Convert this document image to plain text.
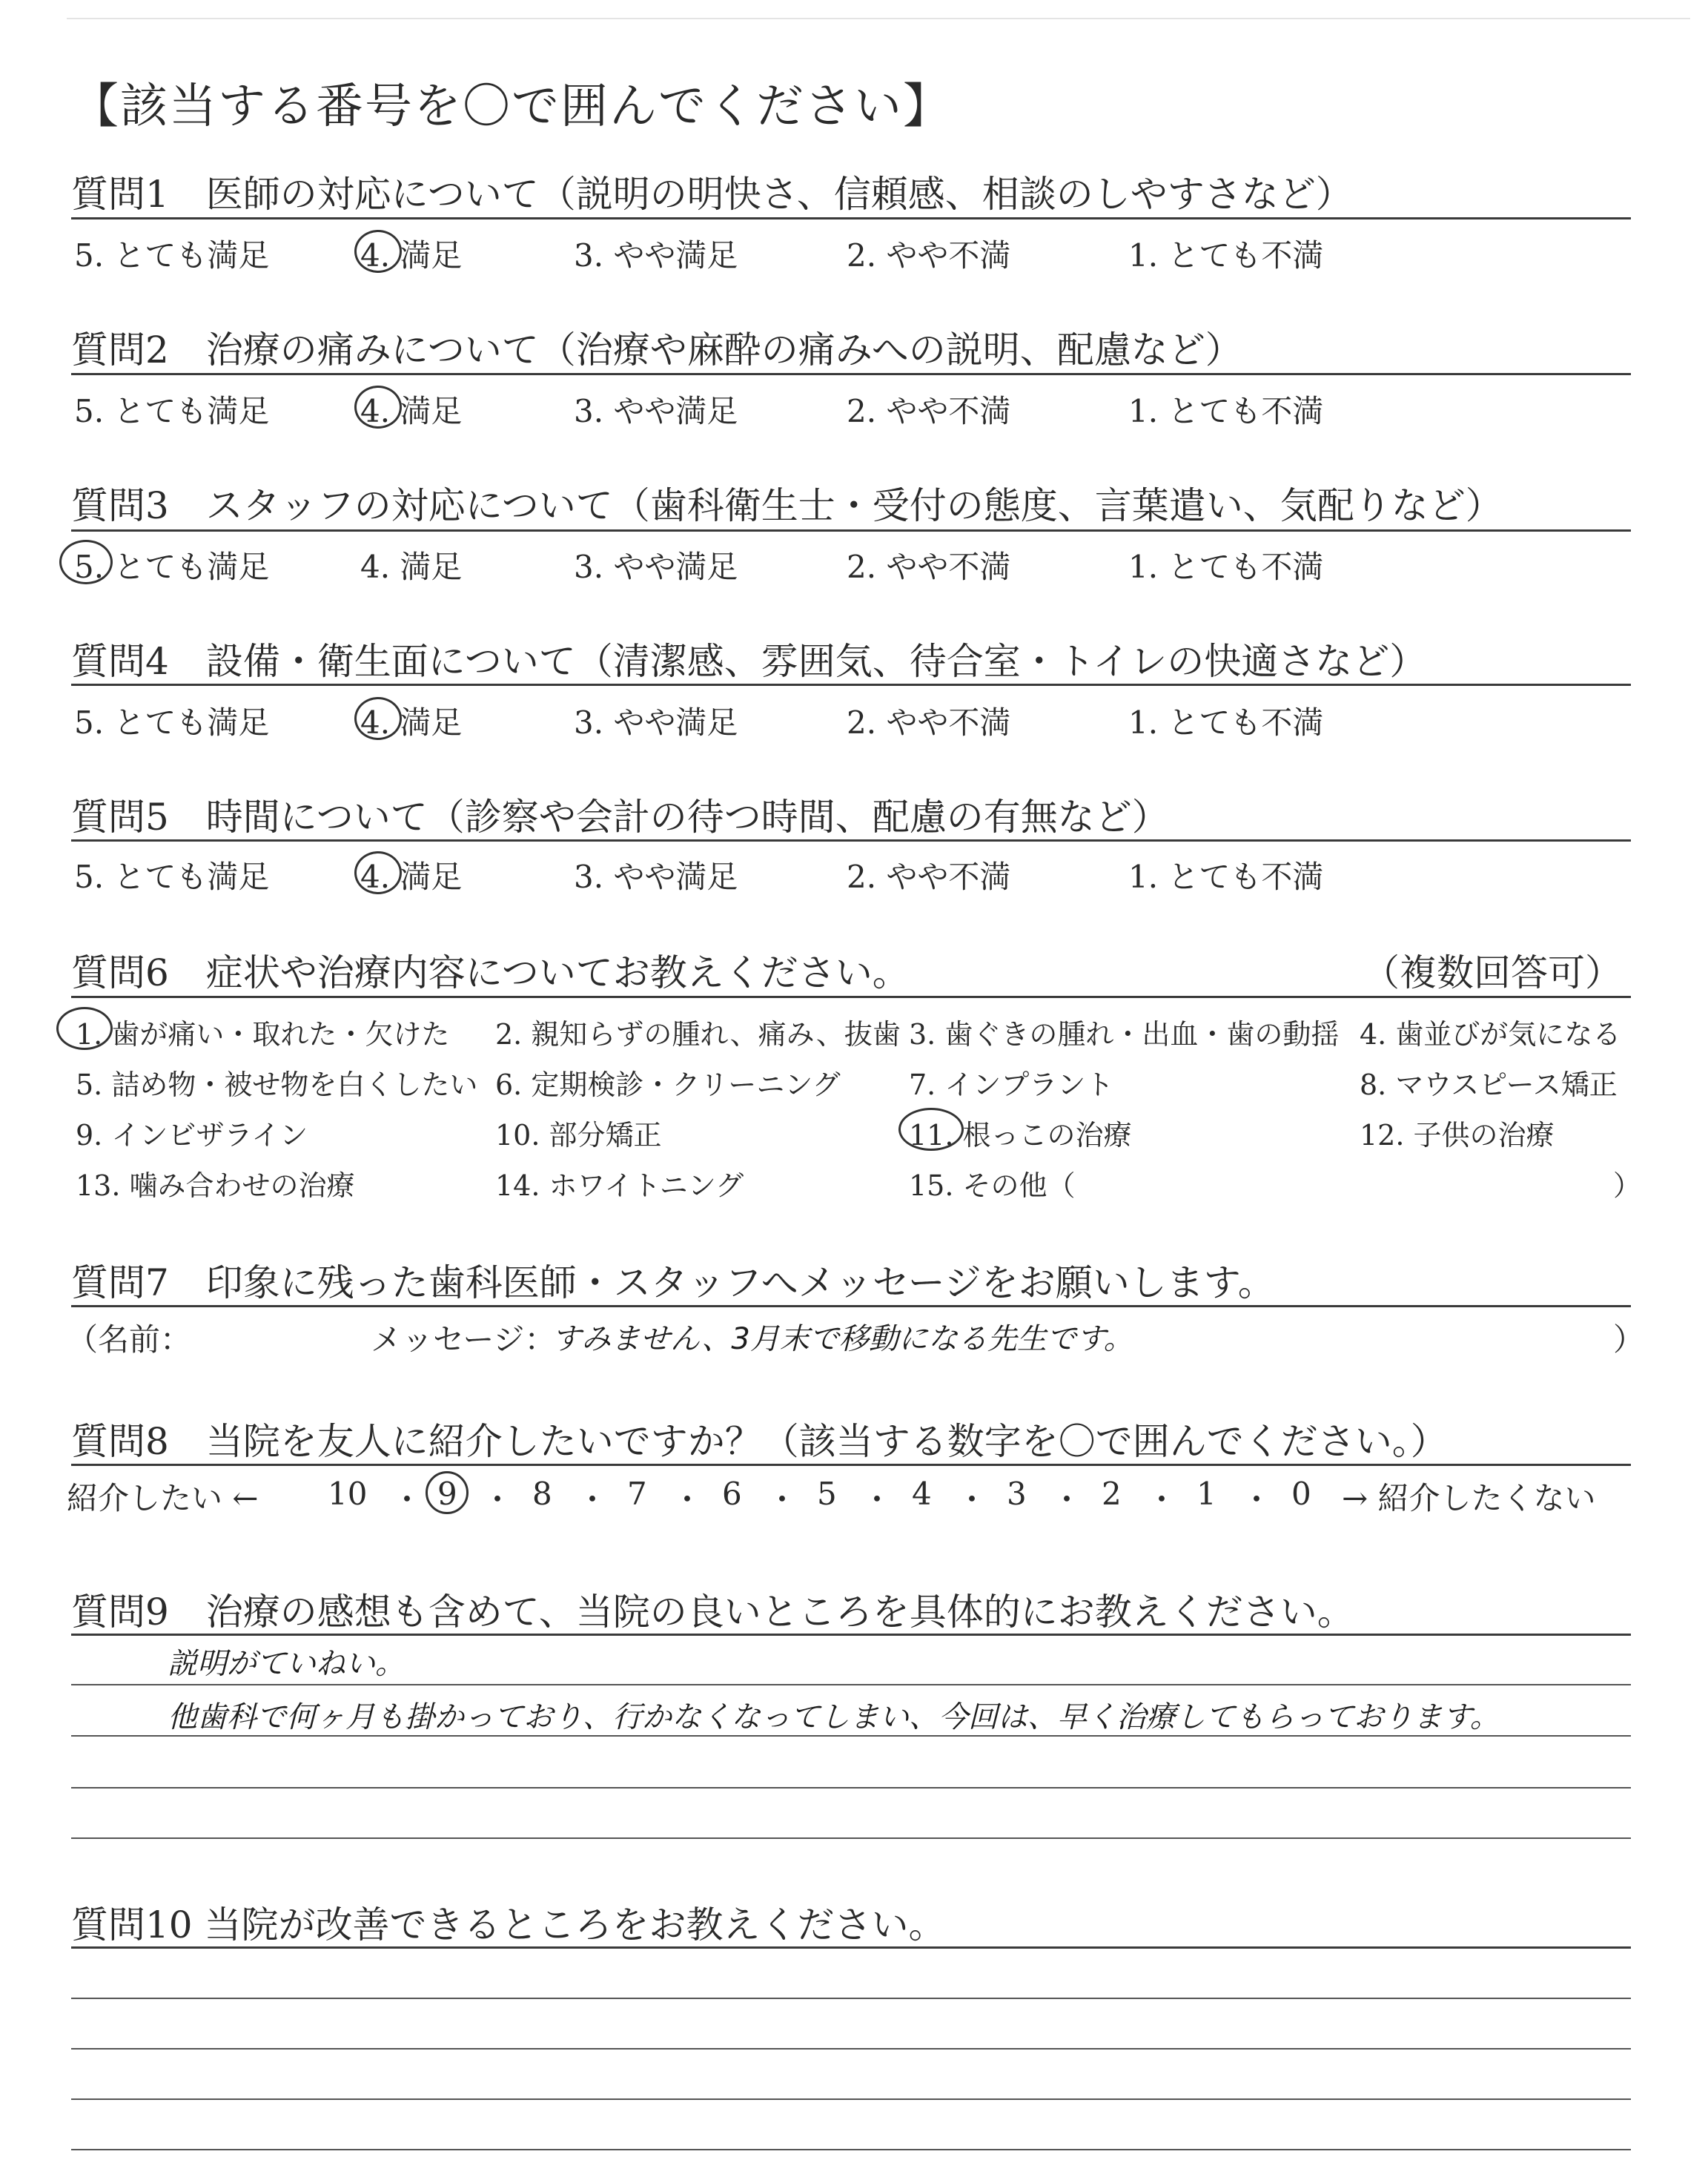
【該当する番号を〇で囲んでください】
質問1　医師の対応について（説明の明快さ、信頼感、相談のしやすさなど）
5. とても満足	4. 満足	3. やや満足	2. やや不満	1. とても不満
質問2　治療の痛みについて（治療や麻酔の痛みへの説明、配慮など）
5. とても満足	4. 満足	3. やや満足	2. やや不満	1. とても不満
質問3　スタッフの対応について（歯科衛生士・受付の態度、言葉遣い、気配りなど）
5. とても満足	4. 満足	3. やや満足	2. やや不満	1. とても不満
質問4　設備・衛生面について（清潔感、雰囲気、待合室・トイレの快適さなど）
5. とても満足	4. 満足	3. やや満足	2. やや不満	1. とても不満
質問5　時間について（診察や会計の待つ時間、配慮の有無など）
5. とても満足	4. 満足	3. やや満足	2. やや不満	1. とても不満
質問6　症状や治療内容についてお教えください。	（複数回答可）
1. 歯が痛い・取れた・欠けた 2. 親知らずの腫れ、痛み、抜歯 3. 歯ぐきの腫れ・出血・歯の動揺 4. 歯並びが気になる
5. 詰め物・被せ物を白くしたい 6. 定期検診・クリーニング 7. インプラント	8. マウスピース矯正
9. インビザライン	10. 部分矯正	11. 根っこの治療	12. 子供の治療
13. 噛み合わせの治療	14. ホワイトニング	15. その他（	）
質問7　印象に残った歯科医師・スタッフへメッセージをお願いします。
（名前：	メッセージ：
すみません、3月末で移動になる先生です。	）
質問8　当院を友人に紹介したいですか？（該当する数字を〇で囲んでください。）
紹介したい ← 10 ・ 9 ・ 8 ・ 7 ・ 6 ・ 5 ・ 4 ・ 3 ・ 2 ・ 1 ・ 0 → 紹介したくない
質問9　治療の感想も含めて、当院の良いところを具体的にお教えください。
説明がていねい。
他歯科で何ヶ月も掛かっており、行かなくなってしまい、今回は、早く治療してもらっております。
質問10 当院が改善できるところをお教えください。
